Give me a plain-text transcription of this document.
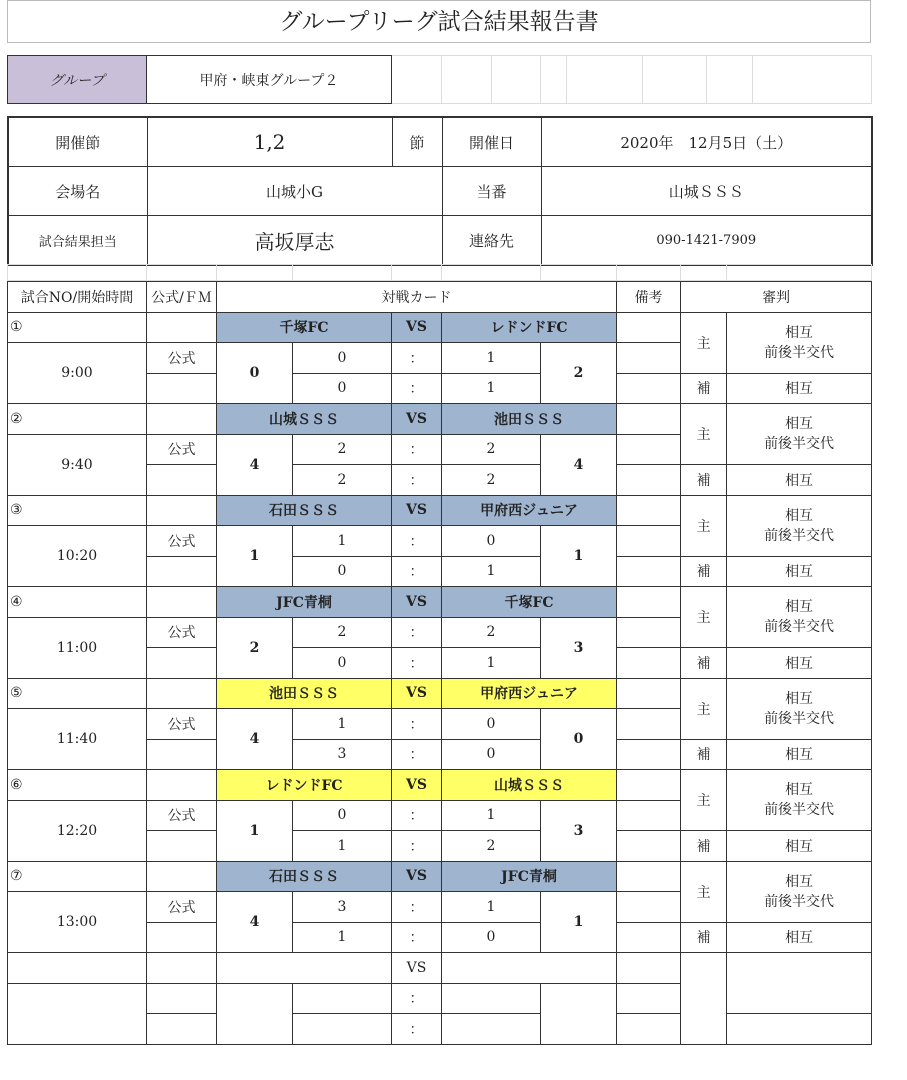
グループリーグ試合結果報告書
グループ	甲府・峡東グループ２								
開催節	1,2	節	開催日	2020年　12月5日（土）
会場名	山城小G		当番	山城ＳＳＳ
試合結果担当	高坂厚志		連絡先	090-1421-7909

試合NO/開始時間	公式/ＦＭ	対戦カード					備考	審判	
①		千塚FC		VS	レドンドFC			主	相互
前後半交代
9:00	公式	0	0	：	1	2			
			0	：	1			補	相互
②		山城ＳＳＳ		VS	池田ＳＳＳ			主	相互
前後半交代
9:40	公式	4	2	：	2	4			
			2	：	2			補	相互
③		石田ＳＳＳ		VS	甲府西ジュニア			主	相互
前後半交代
10:20	公式	1	1	：	0	1			
			0	：	1			補	相互
④		JFC青桐		VS	千塚FC			主	相互
前後半交代
11:00	公式	2	2	：	2	3			
			0	：	1			補	相互
⑤		池田ＳＳＳ		VS	甲府西ジュニア			主	相互
前後半交代
11:40	公式	4	1	：	0	0			
			3	：	0			補	相互
⑥		レドンドFC		VS	山城ＳＳＳ			主	相互
前後半交代
12:20	公式	1	0	：	1	3			
			1	：	2			補	相互
⑦		石田ＳＳＳ		VS	JFC青桐			主	相互
前後半交代
13:00	公式	4	3	：	1	1			
			1	：	0			補	相互
				VS					
				：					
				：					
